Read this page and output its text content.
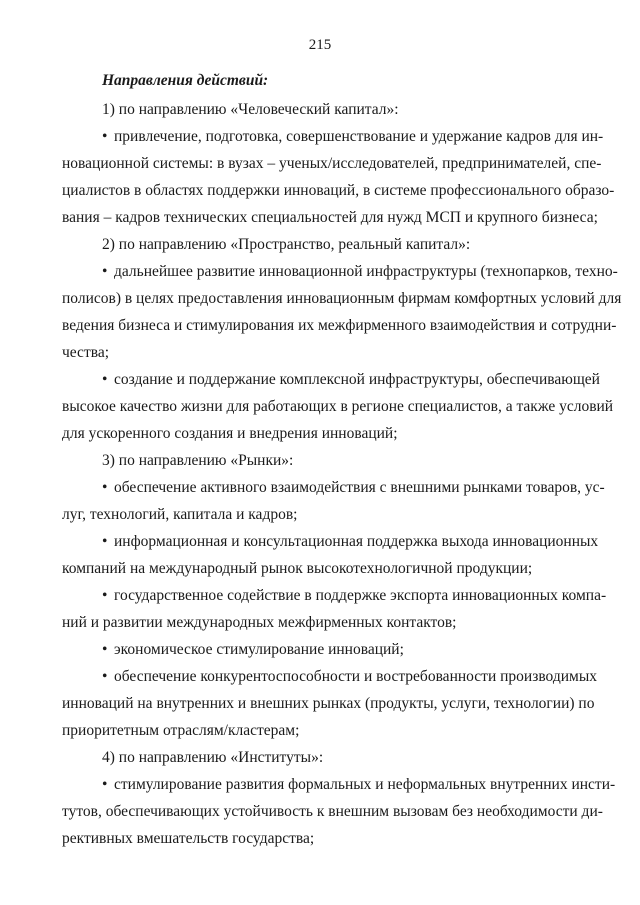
215
Направления действий:
1) по направлению «Человеческий капитал»:
• привлечение, подготовка, совершенствование и удержание кадров для ин-
новационной системы: в вузах – ученых/исследователей, предпринимателей, спе-
циалистов в областях поддержки инноваций, в системе профессионального образо-
вания – кадров технических специальностей для нужд МСП и крупного бизнеса;
2) по направлению «Пространство, реальный капитал»:
• дальнейшее развитие инновационной инфраструктуры (технопарков, техно-
полисов) в целях предоставления инновационным фирмам комфортных условий для
ведения бизнеса и стимулирования их межфирменного взаимодействия и сотрудни-
чества;
• создание и поддержание комплексной инфраструктуры, обеспечивающей
высокое качество жизни для работающих в регионе специалистов, а также условий
для ускоренного создания и внедрения инноваций;
3) по направлению «Рынки»:
• обеспечение активного взаимодействия с внешними рынками товаров, ус-
луг, технологий, капитала и кадров;
• информационная и консультационная поддержка выхода инновационных
компаний на международный рынок высокотехнологичной продукции;
• государственное содействие в поддержке экспорта инновационных компа-
ний и развитии международных межфирменных контактов;
• экономическое стимулирование инноваций;
• обеспечение конкурентоспособности и востребованности производимых
инноваций на внутренних и внешних рынках (продукты, услуги, технологии) по
приоритетным отраслям/кластерам;
4) по направлению «Институты»:
• стимулирование развития формальных и неформальных внутренних инсти-
тутов, обеспечивающих устойчивость к внешним вызовам без необходимости ди-
рективных вмешательств государства;
